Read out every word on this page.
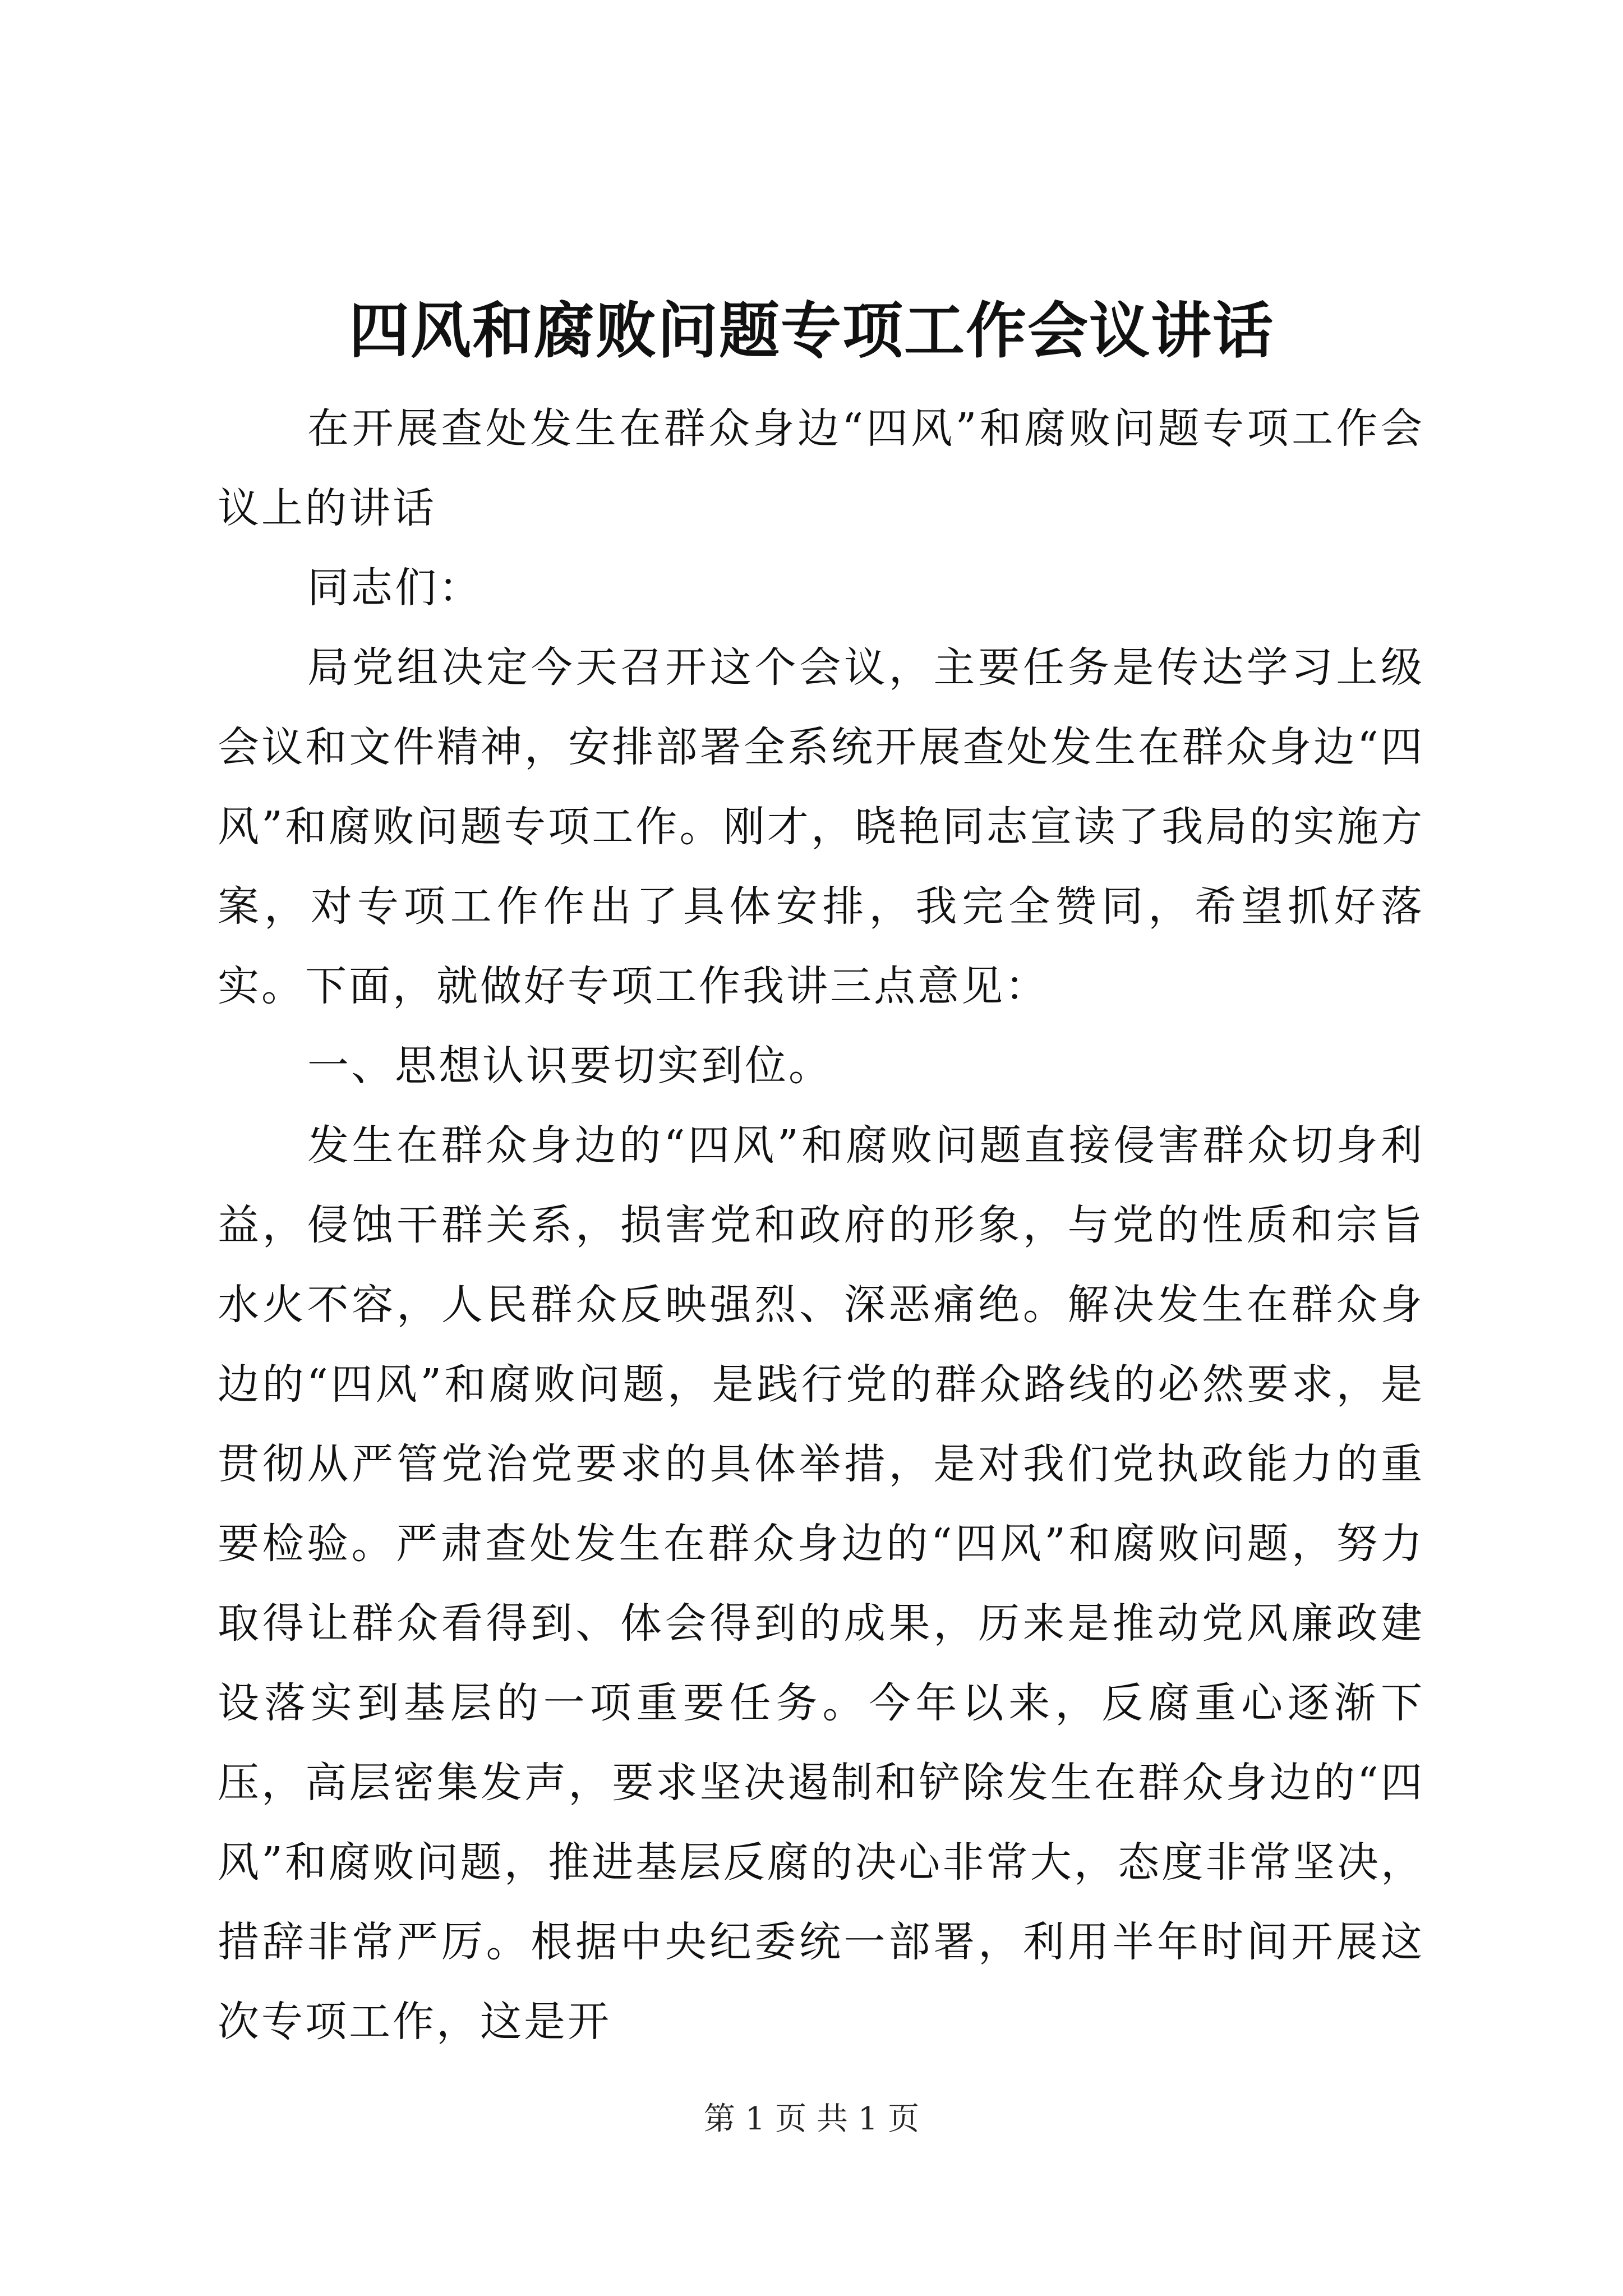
四风和腐败问题专项工作会议讲话

在开展查处发生在群众身边“四风”和腐败问题专项工作会议上的讲话

同志们：

局党组决定今天召开这个会议，主要任务是传达学习上级会议和文件精神，安排部署全系统开展查处发生在群众身边“四风”和腐败问题专项工作。刚才，晓艳同志宣读了我局的实施方案，对专项工作作出了具体安排，我完全赞同，希望抓好落实。下面，就做好专项工作我讲三点意见：

一、思想认识要切实到位。

发生在群众身边的“四风”和腐败问题直接侵害群众切身利益，侵蚀干群关系，损害党和政府的形象，与党的性质和宗旨水火不容，人民群众反映强烈、深恶痛绝。解决发生在群众身边的“四风”和腐败问题，是践行党的群众路线的必然要求，是贯彻从严管党治党要求的具体举措，是对我们党执政能力的重要检验。严肃查处发生在群众身边的“四风”和腐败问题，努力取得让群众看得到、体会得到的成果，历来是推动党风廉政建设落实到基层的一项重要任务。今年以来，反腐重心逐渐下压，高层密集发声，要求坚决遏制和铲除发生在群众身边的“四风”和腐败问题，推进基层反腐的决心非常大，态度非常坚决，措辞非常严厉。根据中央纪委统一部署，利用半年时间开展这次专项工作，这是开

第 1 页 共 1 页
